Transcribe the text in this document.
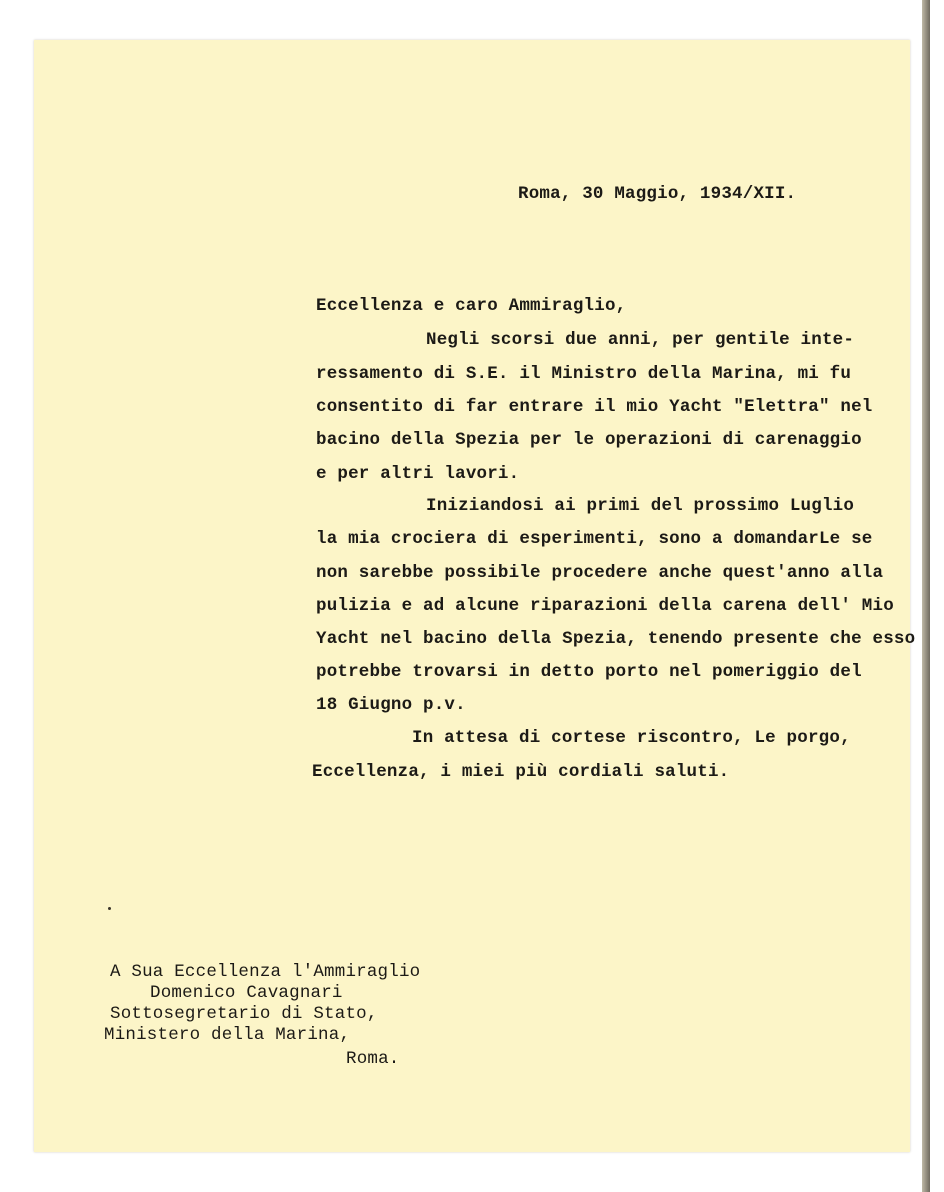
Roma, 30 Maggio, 1934/XII.
Eccellenza e caro Ammiraglio,
Negli scorsi due anni, per gentile inte-
ressamento di S.E. il Ministro della Marina, mi fu
consentito di far entrare il mio Yacht "Elettra" nel
bacino della Spezia per le operazioni di carenaggio
e per altri lavori.
Iniziandosi ai primi del prossimo Luglio
la mia crociera di esperimenti, sono a domandarLe se
non sarebbe possibile procedere anche quest'anno alla
pulizia e ad alcune riparazioni della carena dell' Mio
Yacht nel bacino della Spezia, tenendo presente che esso
potrebbe trovarsi in detto porto nel pomeriggio del
18 Giugno p.v.
In attesa di cortese riscontro, Le porgo,
Eccellenza, i miei più cordiali saluti.
A Sua Eccellenza l'Ammiraglio
Domenico Cavagnari
Sottosegretario di Stato,
Ministero della Marina,
Roma.
